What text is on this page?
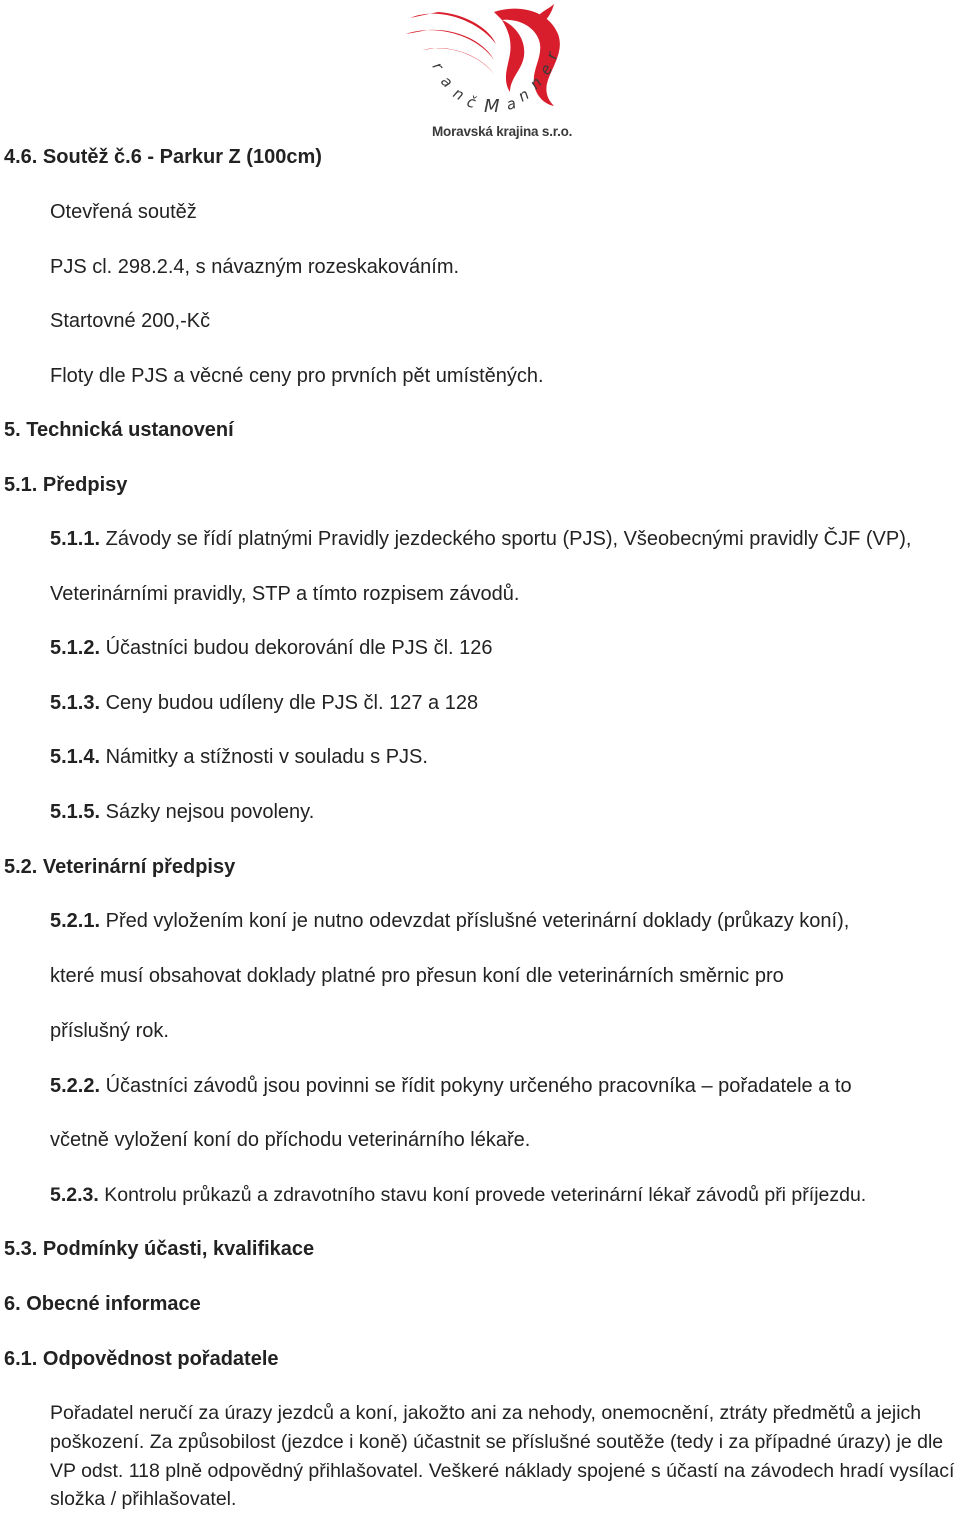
r
a
n
č M a
n
n
e
r
Moravská krajina s.r.o.
4.6. Soutěž č.6 - Parkur Z (100cm)
Otevřená soutěž
PJS cl. 298.2.4, s návazným rozeskakováním.
Startovné 200,-Kč
Floty dle PJS a věcné ceny pro prvních pět umístěných.
5. Technická ustanovení
5.1. Předpisy
5.1.1. Závody se řídí platnými Pravidly jezdeckého sportu (PJS), Všeobecnými pravidly ČJF (VP),
Veterinárními pravidly, STP a tímto rozpisem závodů.
5.1.2. Účastníci budou dekorování dle PJS čl. 126
5.1.3. Ceny budou udíleny dle PJS čl. 127 a 128
5.1.4. Námitky a stížnosti v souladu s PJS.
5.1.5. Sázky nejsou povoleny.
5.2. Veterinární předpisy
5.2.1. Před vyložením koní je nutno odevzdat příslušné veterinární doklady (průkazy koní),
které musí obsahovat doklady platné pro přesun koní dle veterinárních směrnic pro
příslušný rok.
5.2.2. Účastníci závodů jsou povinni se řídit pokyny určeného pracovníka – pořadatele a to
včetně vyložení koní do příchodu veterinárního lékaře.
5.2.3. Kontrolu průkazů a zdravotního stavu koní provede veterinární lékař závodů při příjezdu.
5.3. Podmínky účasti, kvalifikace
6. Obecné informace
6.1. Odpovědnost pořadatele
Pořadatel neručí za úrazy jezdců a koní, jakožto ani za nehody, onemocnění, ztráty předmětů a jejich poškození. Za způsobilost (jezdce i koně) účastnit se příslušné soutěže (tedy i za případné úrazy) je dle VP odst. 118 plně odpovědný přihlašovatel. Veškeré náklady spojené s účastí na závodech hradí vysílací složka / přihlašovatel.
